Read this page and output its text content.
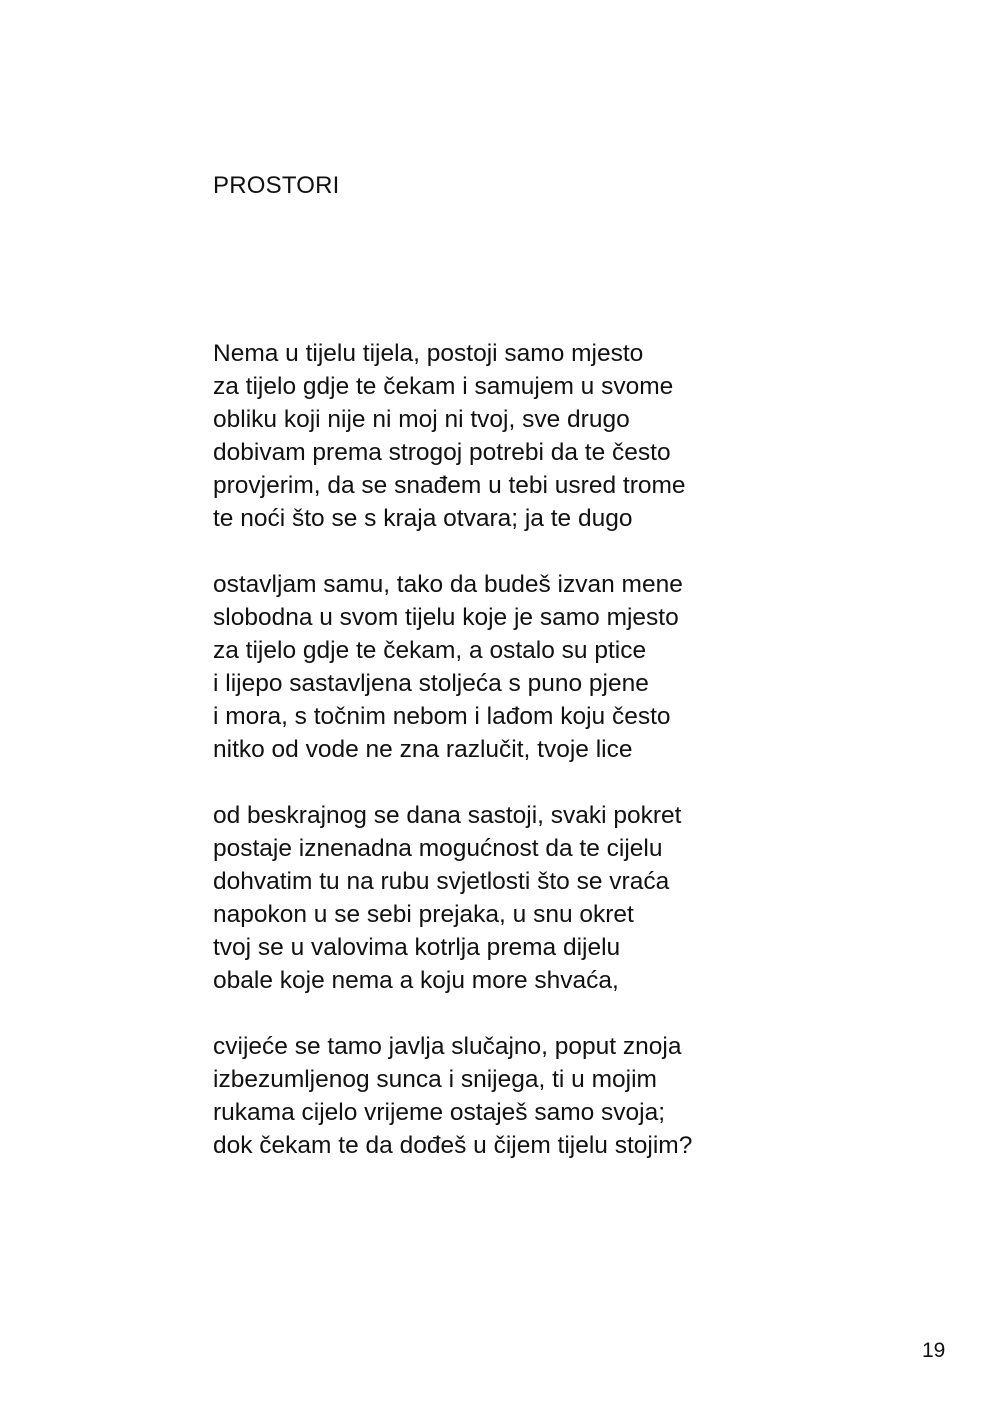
PROSTORI
Nema u tijelu tijela, postoji samo mjesto
za tijelo gdje te čekam i samujem u svome
obliku koji nije ni moj ni tvoj, sve drugo
dobivam prema strogoj potrebi da te često
provjerim, da se snađem u tebi usred trome
te noći što se s kraja otvara; ja te dugo
ostavljam samu, tako da budeš izvan mene
slobodna u svom tijelu koje je samo mjesto
za tijelo gdje te čekam, a ostalo su ptice
i lijepo sastavljena stoljeća s puno pjene
i mora, s točnim nebom i lađom koju često
nitko od vode ne zna razlučit, tvoje lice
od beskrajnog se dana sastoji, svaki pokret
postaje iznenadna mogućnost da te cijelu
dohvatim tu na rubu svjetlosti što se vraća
napokon u se sebi prejaka, u snu okret
tvoj se u valovima kotrlja prema dijelu
obale koje nema a koju more shvaća,
cvijeće se tamo javlja slučajno, poput znoja
izbezumljenog sunca i snijega, ti u mojim
rukama cijelo vrijeme ostaješ samo svoja;
dok čekam te da dođeš u čijem tijelu stojim?
19
